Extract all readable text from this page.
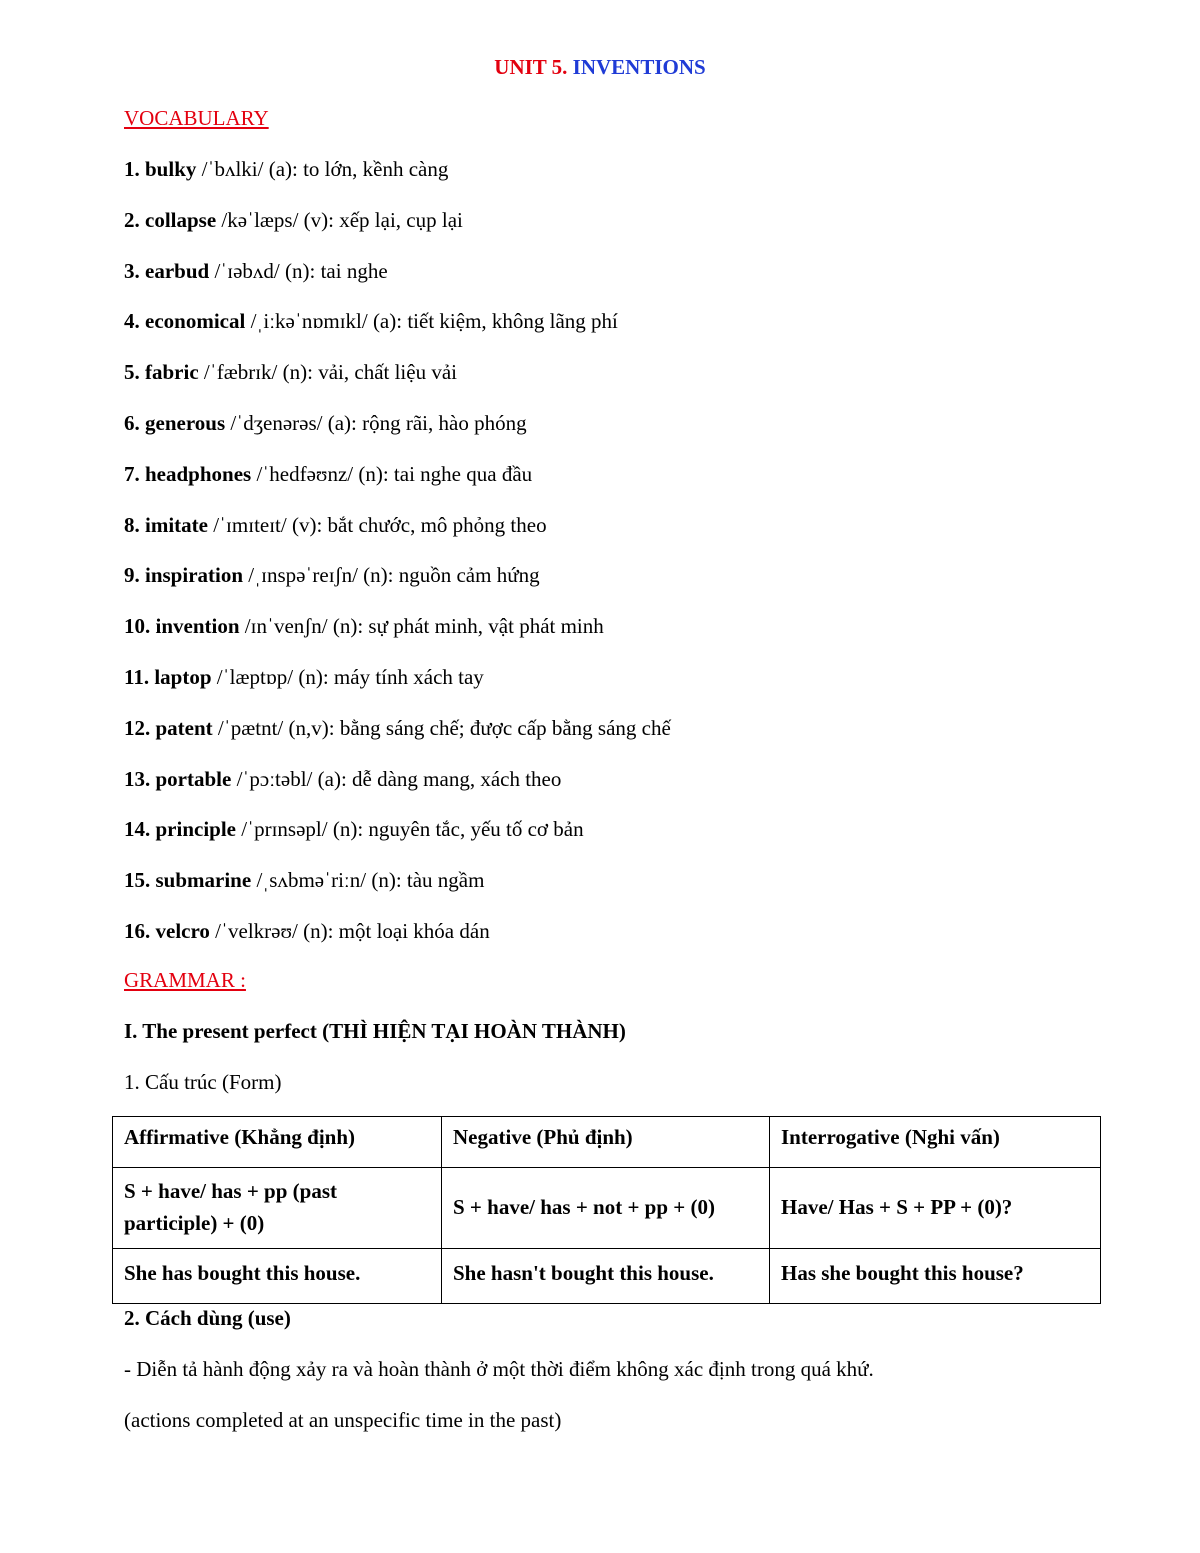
UNIT 5. INVENTIONS
VOCABULARY
1. bulky /ˈbʌlki/ (a): to lớn, kềnh càng
2. collapse /kəˈlæps/ (v): xếp lại, cụp lại
3. earbud /ˈɪəbʌd/ (n): tai nghe
4. economical /ˌiːkəˈnɒmɪkl/ (a): tiết kiệm, không lãng phí
5. fabric /ˈfæbrɪk/ (n): vải, chất liệu vải
6. generous /ˈdʒenərəs/ (a): rộng rãi, hào phóng
7. headphones /ˈhedfəʊnz/ (n): tai nghe qua đầu
8. imitate /ˈɪmɪteɪt/ (v): bắt chước, mô phỏng theo
9. inspiration /ˌɪnspəˈreɪʃn/ (n): nguồn cảm hứng
10. invention /ɪnˈvenʃn/ (n): sự phát minh, vật phát minh
11. laptop /ˈlæptɒp/ (n): máy tính xách tay
12. patent /ˈpætnt/ (n,v): bằng sáng chế; được cấp bằng sáng chế
13. portable /ˈpɔːtəbl/ (a): dễ dàng mang, xách theo
14. principle /ˈprɪnsəpl/ (n): nguyên tắc, yếu tố cơ bản
15. submarine /ˌsʌbməˈriːn/ (n): tàu ngầm
16. velcro /ˈvelkrəʊ/ (n): một loại khóa dán
GRAMMAR :
I. The present perfect (THÌ HIỆN TẠI HOÀN THÀNH)
1. Cấu trúc (Form)
Affirmative (Khẳng định)	Negative (Phủ định)	Interrogative (Nghi vấn)
S + have/ has + pp (past participle) + (0)	S + have/ has + not + pp + (0)	Have/ Has + S + PP + (0)?
She has bought this house.	She hasn't bought this house.	Has she bought this house?
2. Cách dùng (use)
- Diễn tả hành động xảy ra và hoàn thành ở một thời điểm không xác định trong quá khứ.
(actions completed at an unspecific time in the past)
